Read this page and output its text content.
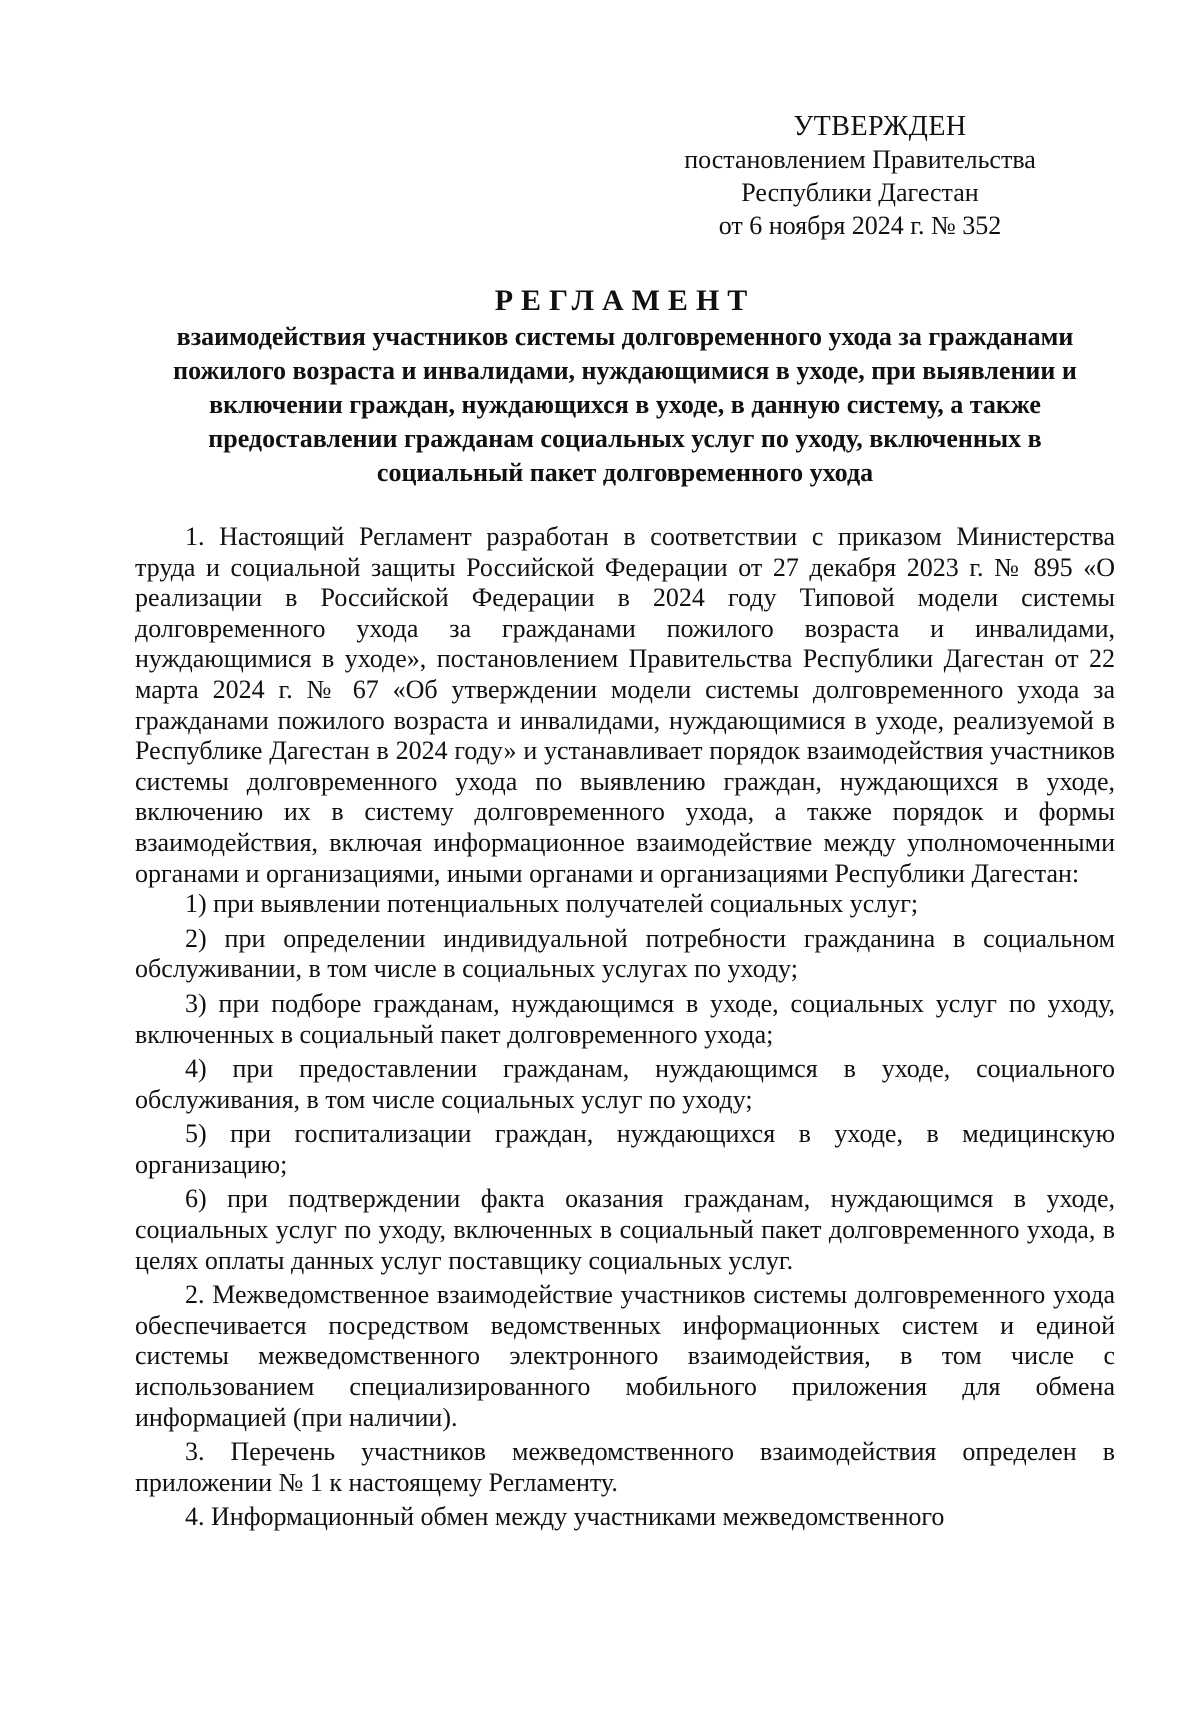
УТВЕРЖДЕН
постановлением Правительства
Республики Дагестан
от 6 ноября 2024 г. № 352
РЕГЛАМЕНТ
взаимодействия участников системы долговременного ухода за гражданами пожилого возраста и инвалидами, нуждающимися в уходе, при выявлении и включении граждан, нуждающихся в уходе, в данную систему, а также предоставлении гражданам социальных услуг по уходу, включенных в социальный пакет долговременного ухода

1. Настоящий Регламент разработан в соответствии с приказом Министерства труда и социальной защиты Российской Федерации от 27 декабря 2023 г. № 895 «О реализации в Российской Федерации в 2024 году Типовой модели системы долговременного ухода за гражданами пожилого возраста и инвалидами, нуждающимися в уходе», постановлением Правительства Республики Дагестан от 22 марта 2024 г. № 67 «Об утверждении модели системы долговременного ухода за гражданами пожилого возраста и инвалидами, нуждающимися в уходе, реализуемой в Республике Дагестан в 2024 году» и устанавливает порядок взаимодействия участников системы долговременного ухода по выявлению граждан, нуждающихся в уходе, включению их в систему долговременного ухода, а также порядок и формы взаимодействия, включая информационное взаимодействие между уполномоченными органами и организациями, иными органами и организациями Республики Дагестан:

1) при выявлении потенциальных получателей социальных услуг;

2) при определении индивидуальной потребности гражданина в социальном обслуживании, в том числе в социальных услугах по уходу;

3) при подборе гражданам, нуждающимся в уходе, социальных услуг по уходу, включенных в социальный пакет долговременного ухода;

4) при предоставлении гражданам, нуждающимся в уходе, социального обслуживания, в том числе социальных услуг по уходу;

5) при госпитализации граждан, нуждающихся в уходе, в медицинскую организацию;

6) при подтверждении факта оказания гражданам, нуждающимся в уходе, социальных услуг по уходу, включенных в социальный пакет долговременного ухода, в целях оплаты данных услуг поставщику социальных услуг.

2. Межведомственное взаимодействие участников системы долговременного ухода обеспечивается посредством ведомственных информационных систем и единой системы межведомственного электронного взаимодействия, в том числе с использованием специализированного мобильного приложения для обмена информацией (при наличии).

3. Перечень участников межведомственного взаимодействия определен в приложении № 1 к настоящему Регламенту.

4. Информационный обмен между участниками межведомственного
